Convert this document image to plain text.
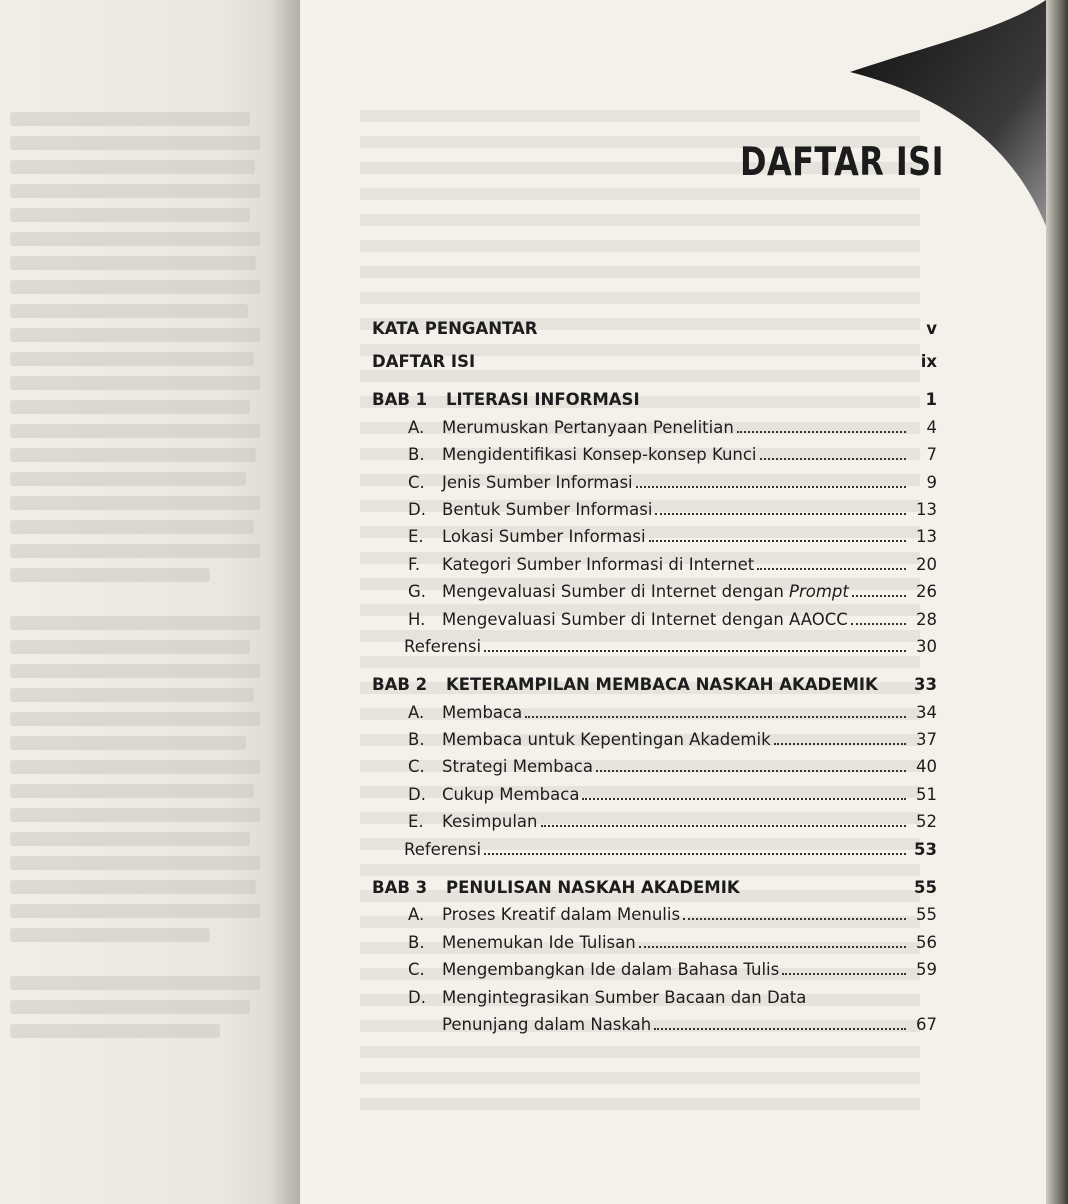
DAFTAR ISI
KATA PENGANTAR	v
DAFTAR ISI	ix
BAB 1	LITERASI INFORMASI	1
A.	Merumuskan Pertanyaan Penelitian	4
B.	Mengidentifikasi Konsep-konsep Kunci	7
C.	Jenis Sumber Informasi	9
D. Bentuk Sumber Informasi	13
E.	Lokasi Sumber Informasi	13
F.	Kategori Sumber Informasi di Internet	20
G. Mengevaluasi Sumber di Internet dengan Prompt	26
H.	Mengevaluasi Sumber di Internet dengan AAOCC	28
Referensi	30
BAB 2	KETERAMPILAN MEMBACA NASKAH AKADEMIK 33
A.	Membaca	34
B.	Membaca untuk Kepentingan Akademik	37
C.	Strategi Membaca	40
D. Cukup Membaca	51
E.	Kesimpulan	52
Referensi	53
BAB 3	PENULISAN NASKAH AKADEMIK	55
A.	Proses Kreatif dalam Menulis	55
B.	Menemukan Ide Tulisan	56
C.	Mengembangkan Ide dalam Bahasa Tulis	59
D. Mengintegrasikan Sumber Bacaan dan Data
Penunjang dalam Naskah	67
